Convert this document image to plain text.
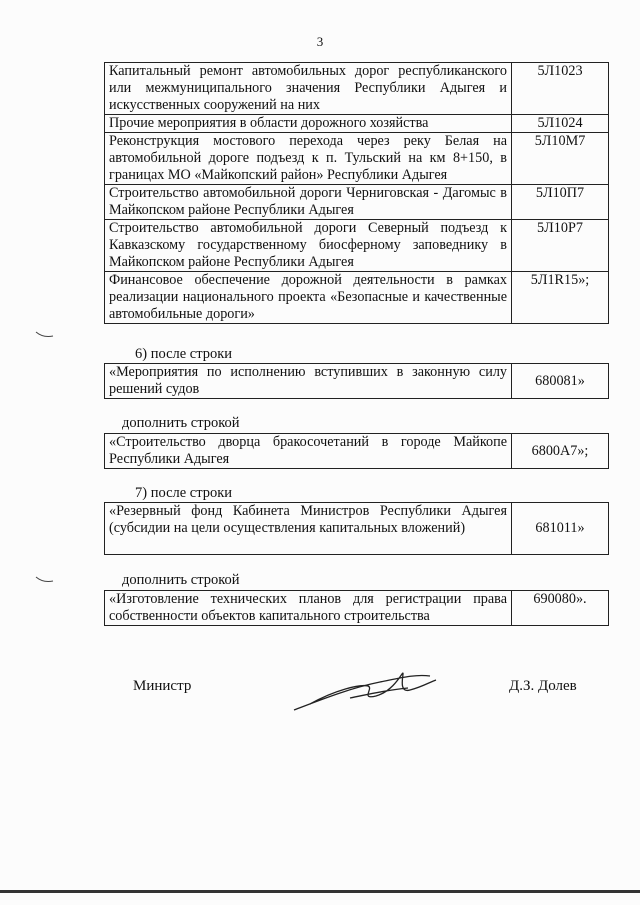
3
Капитальный ремонт автомобильных дорог республиканского или межмуниципального значения Республики Адыгея и искусственных сооружений на них	5Л1023
Прочие мероприятия в области дорожного хозяйства	5Л1024
Реконструкция мостового перехода через реку Белая на автомобильной дороге подъезд к п. Тульский на км 8+150, в границах МО «Майкопский район» Республики Адыгея	5Л10М7
Строительство автомобильной дороги Черниговская - Дагомыс в Майкопском районе Республики Адыгея	5Л10П7
Строительство автомобильной дороги Северный подъезд к Кавказскому государственному биосферному заповеднику в Майкопском районе Республики Адыгея	5Л10Р7
Финансовое обеспечение дорожной деятельности в рамках реализации национального проекта «Безопасные и качественные автомобильные дороги»	5Л1R15»;
6) после строки
«Мероприятия по исполнению вступивших в законную силу решений судов	680081»
дополнить строкой
«Строительство дворца бракосочетаний в городе Майкопе Республики Адыгея	6800А7»;
7) после строки
«Резервный фонд Кабинета Министров Республики Адыгея (субсидии на цели осуществления капитальных вложений)	681011»
дополнить строкой
«Изготовление технических планов для регистрации права собственности объектов капитального строительства	690080».
Министр	Д.З. Долев
